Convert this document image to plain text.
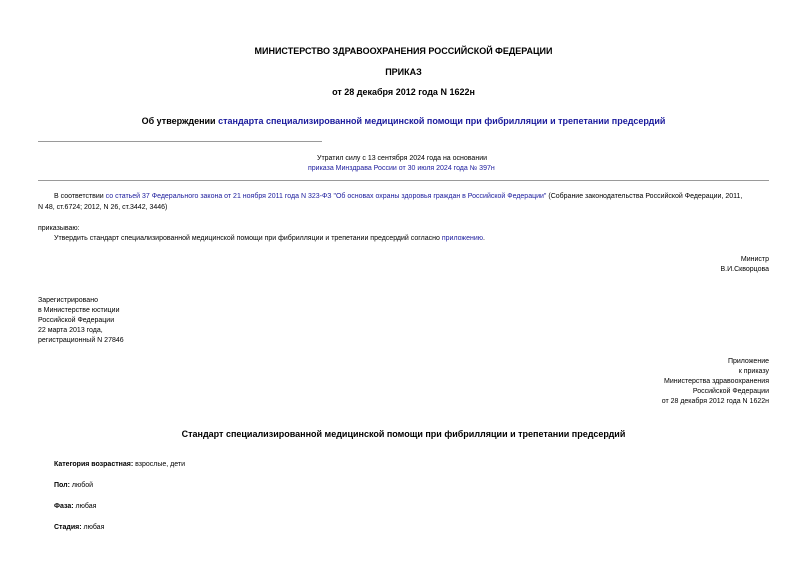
МИНИСТЕРСТВО ЗДРАВООХРАНЕНИЯ РОССИЙСКОЙ ФЕДЕРАЦИИ
ПРИКАЗ
от 28 декабря 2012 года N 1622н
Об утверждении стандарта специализированной медицинской помощи при фибрилляции и трепетании предсердий
Утратил силу с 13 сентября 2024 года на основании
приказа Минздрава России от 30 июля 2024 года № 397н
В соответствии со статьей 37 Федерального закона от 21 ноября 2011 года N 323-ФЗ "Об основах охраны здоровья граждан в Российской Федерации" (Собрание законодательства Российской Федерации, 2011,
N 48, ст.6724; 2012, N 26, ст.3442, 3446)
приказываю:
Утвердить стандарт специализированной медицинской помощи при фибрилляции и трепетании предсердий согласно приложению.
Министр
В.И.Скворцова
Зарегистрировано
в Министерстве юстиции
Российской Федерации
22 марта 2013 года,
регистрационный N 27846
Приложение
к приказу
Министерства здравоохранения
Российской Федерации
от 28 декабря 2012 года N 1622н
Стандарт специализированной медицинской помощи при фибрилляции и трепетании предсердий
Категория возрастная: взрослые, дети
Пол: любой
Фаза: любая
Стадия: любая
